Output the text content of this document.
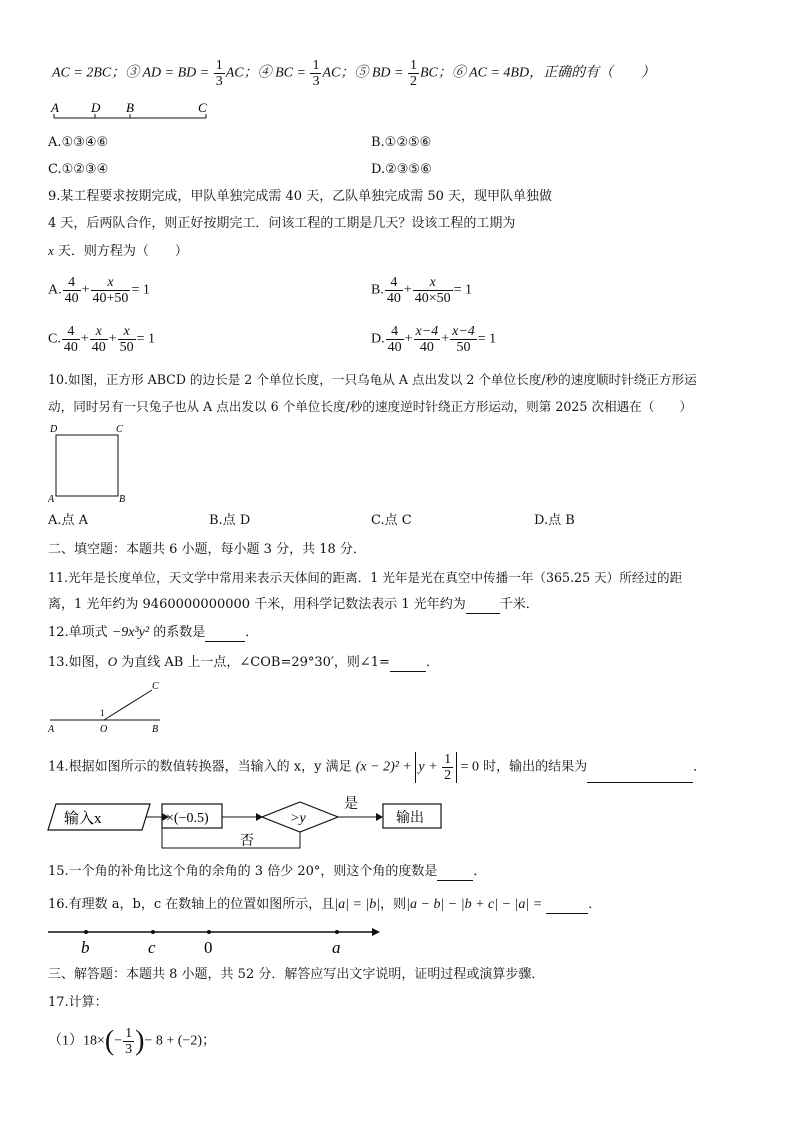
AC = 2BC；③ AD = BD = $\frac{1}{3}$ AC；④ BC = $\frac{1}{3}$ AC；⑤ BD = $\frac{1}{2}$ BC；⑥ AC = 4BD，正确的有（　　）
A D B	C
A.①③④⑥	B.①②⑤⑥
C.①②③④	D.②③⑤⑥
9.某工程要求按期完成，甲队单独完成需 40 天，乙队单独完成需 50 天，现甲队单独做
4 天，后两队合作，则正好按期完工．问该工程的工期是几天？设该工程的工期为
x 天．则方程为（　　）
A. $\frac{4}{40} + \frac{x}{40+50} = 1$	B. $\frac{4}{40} + \frac{x}{40\times 50} = 1$
C. $\frac{4}{40} + \frac{x}{40} + \frac{x}{50} = 1$	D. $\frac{4}{40} + \frac{x-4}{40} + \frac{x-4}{50} = 1$
10.如图，正方形 ABCD 的边长是 2 个单位长度，一只乌龟从 A 点出发以 2 个单位长度/秒的速度顺时针绕正方形运
动，同时另有一只兔子也从 A 点出发以 6 个单位长度/秒的速度逆时针绕正方形运动，则第 2025 次相遇在（　　）
D	C
A	B
A.点 A	B.点 D	C.点 C	D.点 B
二、填空题：本题共 6 小题，每小题 3 分，共 18 分．
11.光年是长度单位，天文学中常用来表示天体间的距离．1 光年是光在真空中传播一年（365.25 天）所经过的距
离，1 光年约为 9460000000000 千米，用科学记数法表示 1 光年约为	千米．
12.单项式 −9x³y² 的系数是	．
13.如图，O 为直线 AB 上一点，∠COB=29°30′，则∠1=	．
C
1
A	O	B
14.根据如图所示的数值转换器，当输入的 x，y 满足 $(x - 2)^2 + y + \frac{1}{2} = 0$ 时，输出的结果为	．
输入x	×(−0.5)	>y
是
输出
否
15.一个角的补角比这个角的余角的 3 倍少 20°，则这个角的度数是	．
16.有理数 a，b，c 在数轴上的位置如图所示，且|a| = |b|，则|a − b| − |b + c| − |a| =	．
b	c	0	a
三、解答题：本题共 8 小题，共 52 分．解答应写出文字说明，证明过程或演算步骤．
17.计算：
$(1)18\times(- \frac{1}{3}$ )− 8 + (−2)；
